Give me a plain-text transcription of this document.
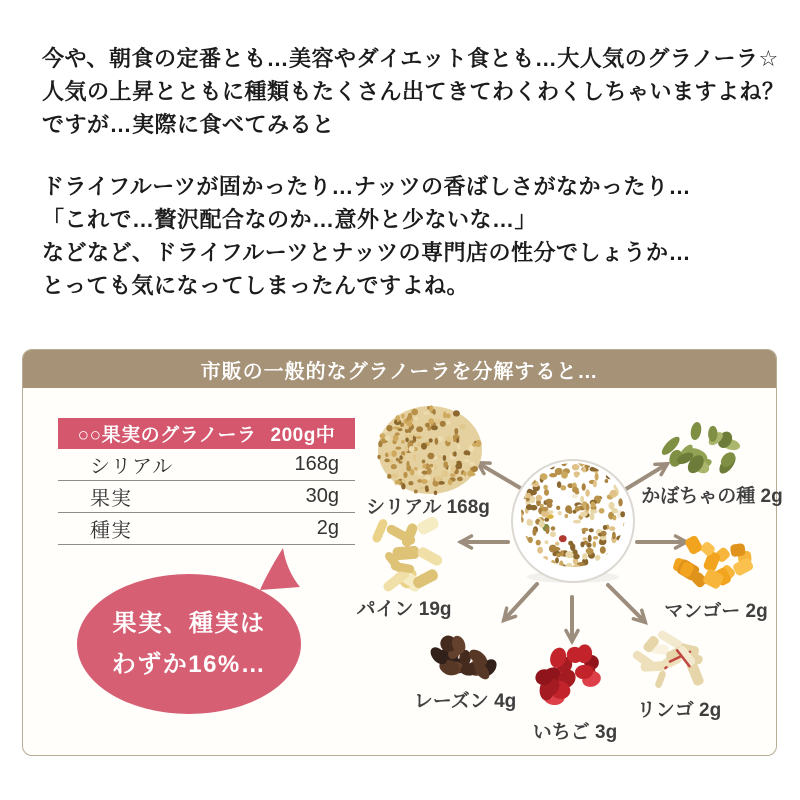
今や、朝食の定番とも…美容やダイエット食とも…大人気のグラノーラ☆
人気の上昇とともに種類もたくさん出てきてわくわくしちゃいますよね？
ですが…実際に食べてみると
ドライフルーツが固かったり…ナッツの香ばしさがなかったり…
「これで…贅沢配合なのか…意外と少ないな…」
などなど、ドライフルーツとナッツの専門店の性分でしょうか…
とっても気になってしまったんですよね。
市販の一般的なグラノーラを分解すると…
○○果実のグラノーラ 200g中
シリアル	168g
果実	30g
種実	2g
果実、種実は
わずか16%…
シリアル 168g
かぼちゃの種 2g
パイン 19g	マンゴー 2g
レーズン 4g
いちご 3g
リンゴ 2g
